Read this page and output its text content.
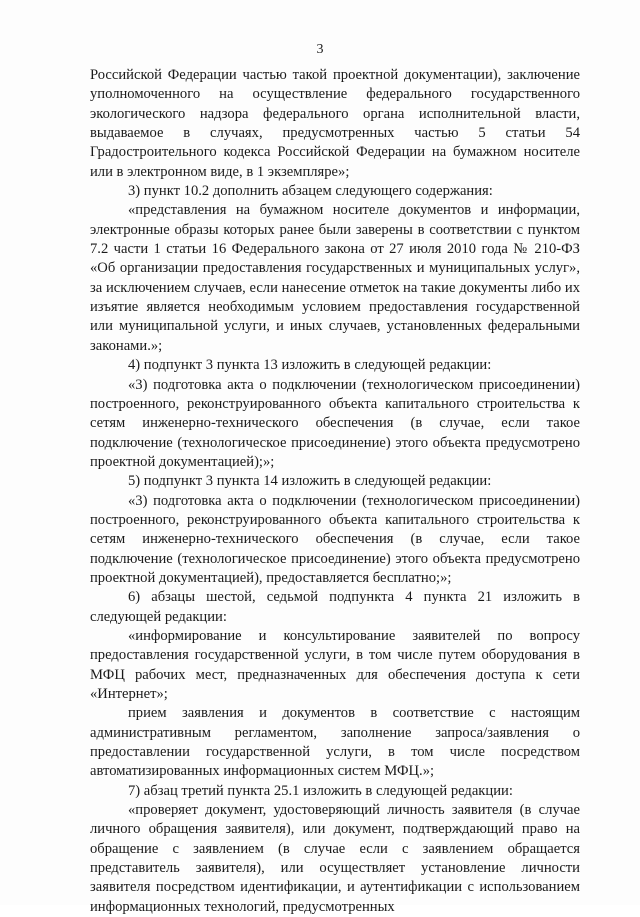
3

Российской Федерации частью такой проектной документации), заключение уполномоченного на осуществление федерального государственного экологического надзора федерального органа исполнительной власти, выдаваемое в случаях, предусмотренных частью 5 статьи 54 Градостроительного кодекса Российской Федерации на бумажном носителе или в электронном виде, в 1 экземпляре»;

3) пункт 10.2 дополнить абзацем следующего содержания:

«представления на бумажном носителе документов и информации, электронные образы которых ранее были заверены в соответствии с пунктом 7.2 части 1 статьи 16 Федерального закона от 27 июля 2010 года № 210-ФЗ «Об организации предоставления государственных и муниципальных услуг», за исключением случаев, если нанесение отметок на такие документы либо их изъятие является необходимым условием предоставления государственной или муниципальной услуги, и иных случаев, установленных федеральными законами.»;

4) подпункт 3 пункта 13 изложить в следующей редакции:

«3) подготовка акта о подключении (технологическом присоединении) построенного, реконструированного объекта капитального строительства к сетям инженерно-технического обеспечения (в случае, если такое подключение (технологическое присоединение) этого объекта предусмотрено проектной документацией);»;

5) подпункт 3 пункта 14 изложить в следующей редакции:

«3) подготовка акта о подключении (технологическом присоединении) построенного, реконструированного объекта капитального строительства к сетям инженерно-технического обеспечения (в случае, если такое подключение (технологическое присоединение) этого объекта предусмотрено проектной документацией), предоставляется бесплатно;»;

6) абзацы шестой, седьмой подпункта 4 пункта 21 изложить в следующей редакции:

«информирование и консультирование заявителей по вопросу предоставления государственной услуги, в том числе путем оборудования в МФЦ рабочих мест, предназначенных для обеспечения доступа к сети «Интернет»;

прием заявления и документов в соответствие с настоящим административным регламентом, заполнение запроса/заявления о предоставлении государственной услуги, в том числе посредством автоматизированных информационных систем МФЦ.»;

7) абзац третий пункта 25.1 изложить в следующей редакции:

«проверяет документ, удостоверяющий личность заявителя (в случае личного обращения заявителя), или документ, подтверждающий право на обращение с заявлением (в случае если с заявлением обращается представитель заявителя), или осуществляет установление личности заявителя посредством идентификации, и аутентификации с использованием информационных технологий, предусмотренных
